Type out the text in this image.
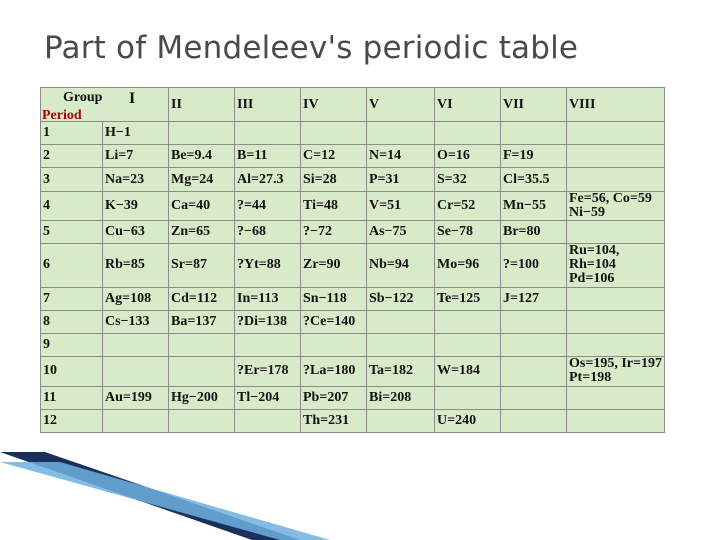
Part of Mendeleev's periodic table
Group I
Period		II	III	IV	V	VI	VII	VIII
1	H−1							
2	Li=7	Be=9.4	B=11	C=12	N=14	O=16	F=19	
3	Na=23	Mg=24	Al=27.3	Si=28	P=31	S=32	Cl=35.5	
4	K−39	Ca=40	?=44	Ti=48	V=51	Cr=52	Mn−55	Fe=56, Co=59 Ni−59
5	Cu−63	Zn=65	?−68	?−72	As−75	Se−78	Br=80	
6	Rb=85	Sr=87	?Yt=88	Zr=90	Nb=94	Mo=96	?=100	Ru=104, Rh=104 Pd=106
7	Ag=108	Cd=112	In=113	Sn−118	Sb−122	Te=125	J=127	
8	Cs−133	Ba=137	?Di=138	?Ce=140				
9								
10			?Er=178	?La=180	Ta=182	W=184		Os=195, Ir=197 Pt=198
11	Au=199	Hg−200	Tl−204	Pb=207	Bi=208			
12				Th=231		U=240		
